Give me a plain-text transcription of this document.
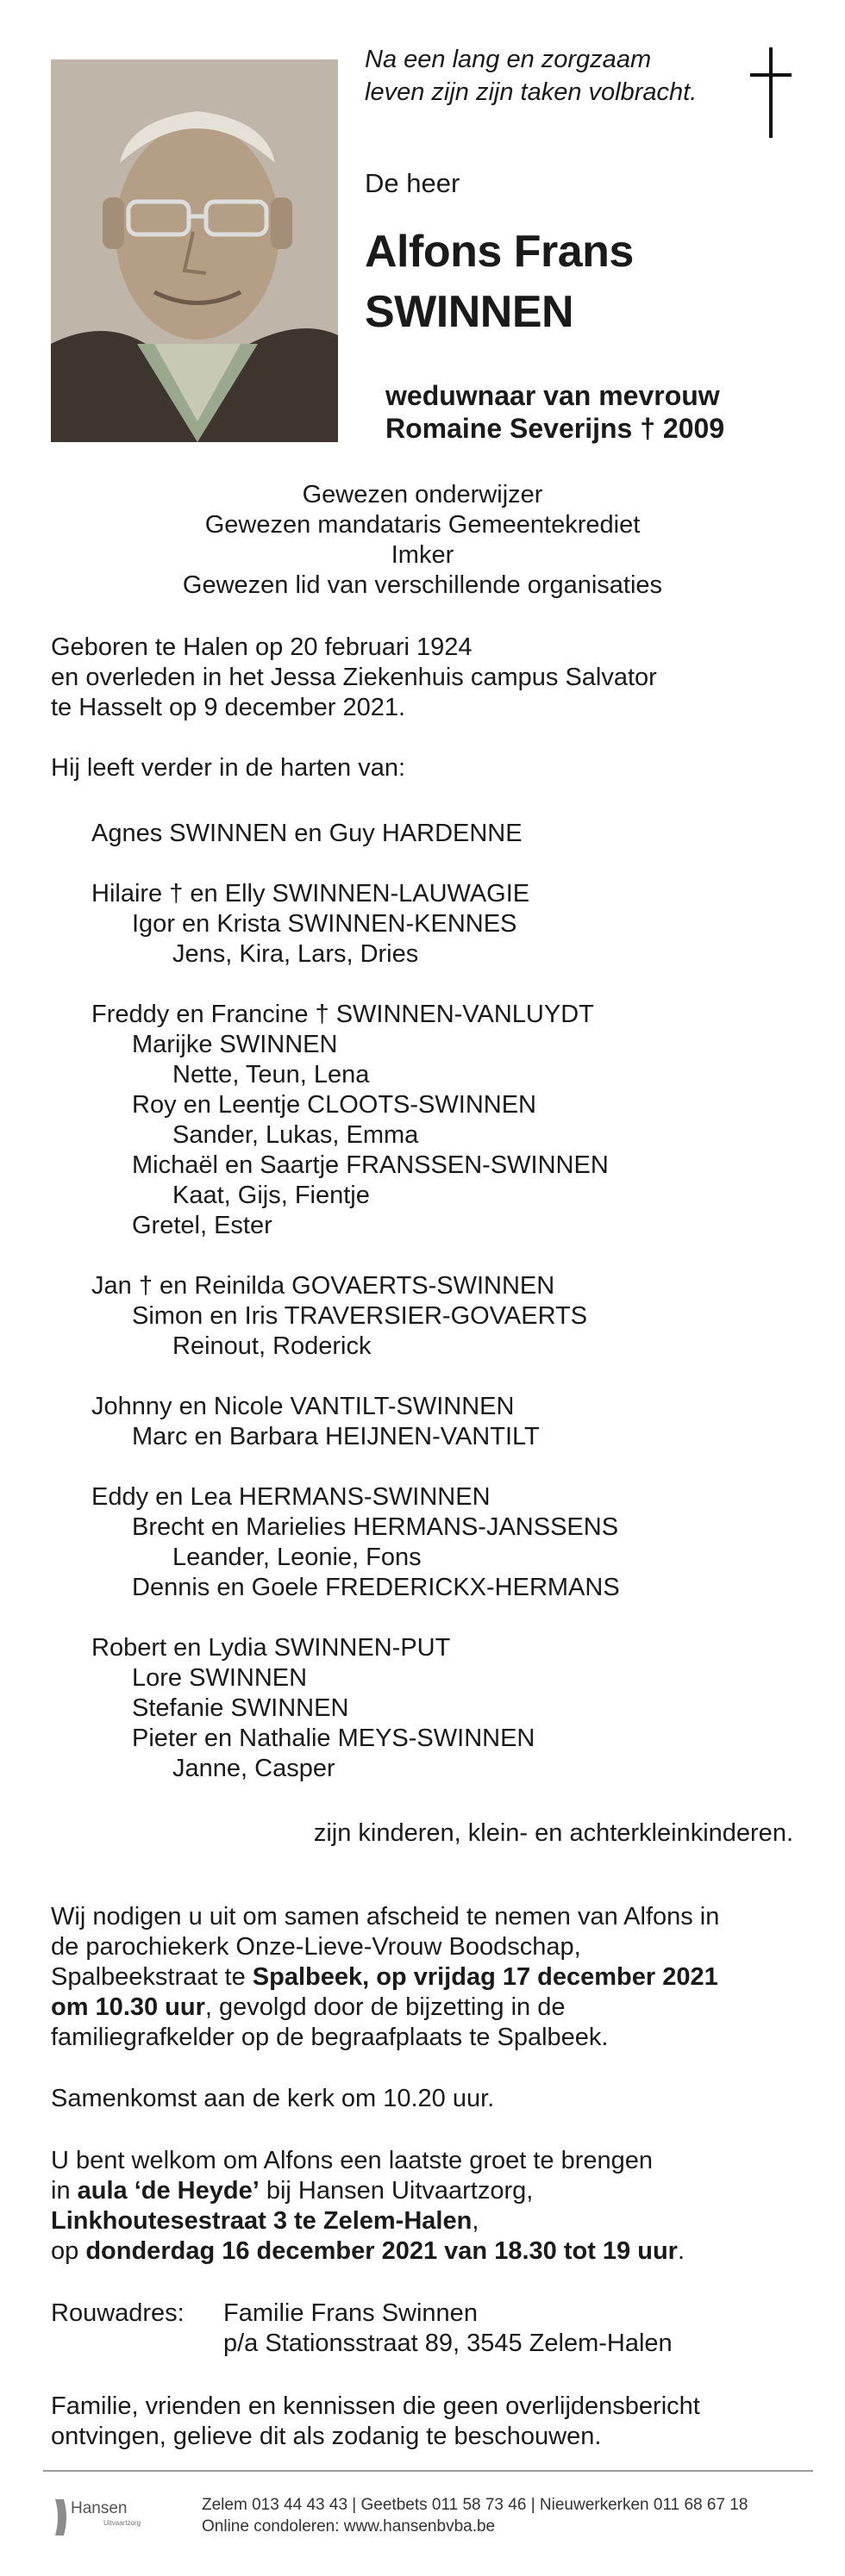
Na een lang en zorgzaam
leven zijn zijn taken volbracht.
De heer
Alfons Frans
SWINNEN
weduwnaar van mevrouw
Romaine Severijns † 2009
Gewezen onderwijzer
Gewezen mandataris Gemeentekrediet
Imker
Gewezen lid van verschillende organisaties
Geboren te Halen op 20 februari 1924
en overleden in het Jessa Ziekenhuis campus Salvator
te Hasselt op 9 december 2021.
Hij leeft verder in de harten van:
Agnes SWINNEN en Guy HARDENNE
Hilaire † en Elly SWINNEN-LAUWAGIE
Igor en Krista SWINNEN-KENNES
Jens, Kira, Lars, Dries
Freddy en Francine † SWINNEN-VANLUYDT
Marijke SWINNEN
Nette, Teun, Lena
Roy en Leentje CLOOTS-SWINNEN
Sander, Lukas, Emma
Michaël en Saartje FRANSSEN-SWINNEN
Kaat, Gijs, Fientje
Gretel, Ester
Jan † en Reinilda GOVAERTS-SWINNEN
Simon en Iris TRAVERSIER-GOVAERTS
Reinout, Roderick
Johnny en Nicole VANTILT-SWINNEN
Marc en Barbara HEIJNEN-VANTILT
Eddy en Lea HERMANS-SWINNEN
Brecht en Marielies HERMANS-JANSSENS
Leander, Leonie, Fons
Dennis en Goele FREDERICKX-HERMANS
Robert en Lydia SWINNEN-PUT
Lore SWINNEN
Stefanie SWINNEN
Pieter en Nathalie MEYS-SWINNEN
Janne, Casper
zijn kinderen, klein- en achterkleinkinderen.
Wij nodigen u uit om samen afscheid te nemen van Alfons in
de parochiekerk Onze-Lieve-Vrouw Boodschap,
Spalbeekstraat te Spalbeek, op vrijdag 17 december 2021
om 10.30 uur, gevolgd door de bijzetting in de
familiegrafkelder op de begraafplaats te Spalbeek.
Samenkomst aan de kerk om 10.20 uur.
U bent welkom om Alfons een laatste groet te brengen
in aula ‘de Heyde’ bij Hansen Uitvaartzorg,
Linkhoutesestraat 3 te Zelem-Halen,
op donderdag 16 december 2021 van 18.30 tot 19 uur.
Rouwadres: Familie Frans Swinnen
p/a Stationsstraat 89, 3545 Zelem-Halen
Familie, vrienden en kennissen die geen overlijdensbericht
ontvingen, gelieve dit als zodanig te beschouwen.
Hansen
Uitvaartzorg
Zelem 013 44 43 43 | Geetbets 011 58 73 46 | Nieuwerkerken 011 68 67 18
Online condoleren: www.hansenbvba.be
